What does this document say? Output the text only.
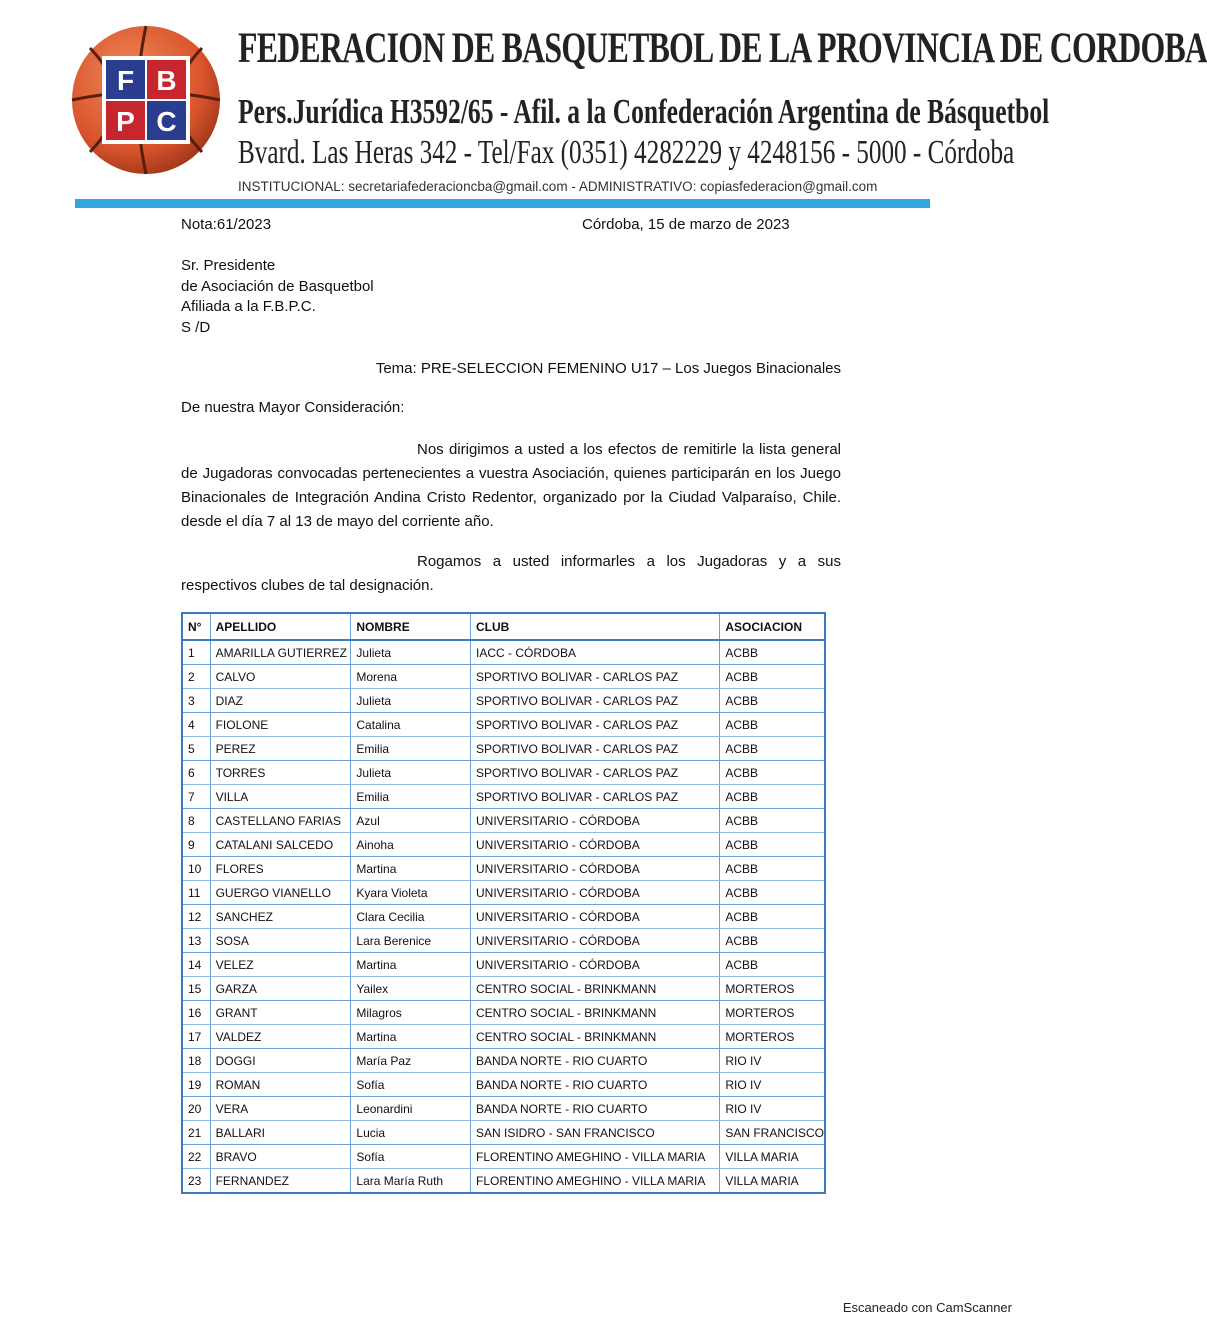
F B
P C
FEDERACION DE BASQUETBOL DE LA PROVINCIA DE CORDOBA
Pers.Jurídica H3592/65 - Afil. a la Confederación Argentina de Básquetbol
Bvard. Las Heras 342 - Tel/Fax (0351) 4282229 y 4248156 - 5000 - Córdoba
INSTITUCIONAL: secretariafederacioncba@gmail.com - ADMINISTRATIVO: copiasfederacion@gmail.com
Nota:61/2023	Córdoba, 15 de marzo de 2023
Sr. Presidente
de Asociación de Basquetbol
Afiliada a la F.B.P.C.
S /D
Tema: PRE-SELECCION FEMENINO U17 – Los Juegos Binacionales
De nuestra Mayor Consideración:
Nos dirigimos a usted a los efectos de remitirle la lista general de Jugadoras convocadas pertenecientes a vuestra Asociación, quienes participarán en los Juego Binacionales de Integración Andina Cristo Redentor, organizado por la Ciudad Valparaíso, Chile. desde el día 7 al 13 de mayo del corriente año.
Rogamos a usted informarles a los Jugadoras y a sus respectivos clubes de tal designación.
N°	APELLIDO	NOMBRE	CLUB	ASOCIACION
1	AMARILLA GUTIERREZ	Julieta	IACC - CÓRDOBA	ACBB
2	CALVO	Morena	SPORTIVO BOLIVAR - CARLOS PAZ	ACBB
3	DIAZ	Julieta	SPORTIVO BOLIVAR - CARLOS PAZ	ACBB
4	FIOLONE	Catalina	SPORTIVO BOLIVAR - CARLOS PAZ	ACBB
5	PEREZ	Emilia	SPORTIVO BOLIVAR - CARLOS PAZ	ACBB
6	TORRES	Julieta	SPORTIVO BOLIVAR - CARLOS PAZ	ACBB
7	VILLA	Emilia	SPORTIVO BOLIVAR - CARLOS PAZ	ACBB
8	CASTELLANO FARIAS	Azul	UNIVERSITARIO - CÓRDOBA	ACBB
9	CATALANI SALCEDO	Ainoha	UNIVERSITARIO - CÓRDOBA	ACBB
10	FLORES	Martina	UNIVERSITARIO - CÓRDOBA	ACBB
11	GUERGO VIANELLO	Kyara Violeta	UNIVERSITARIO - CÓRDOBA	ACBB
12	SANCHEZ	Clara Cecilia	UNIVERSITARIO - CÓRDOBA	ACBB
13	SOSA	Lara Berenice	UNIVERSITARIO - CÓRDOBA	ACBB
14	VELEZ	Martina	UNIVERSITARIO - CÓRDOBA	ACBB
15	GARZA	Yailex	CENTRO SOCIAL - BRINKMANN	MORTEROS
16	GRANT	Milagros	CENTRO SOCIAL - BRINKMANN	MORTEROS
17	VALDEZ	Martina	CENTRO SOCIAL - BRINKMANN	MORTEROS
18	DOGGI	María Paz	BANDA NORTE - RIO CUARTO	RIO IV
19	ROMAN	Sofía	BANDA NORTE - RIO CUARTO	RIO IV
20	VERA	Leonardini	BANDA NORTE - RIO CUARTO	RIO IV
21	BALLARI	Lucia	SAN ISIDRO - SAN FRANCISCO	SAN FRANCISCO
22	BRAVO	Sofía	FLORENTINO AMEGHINO - VILLA MARIA	VILLA MARIA
23	FERNANDEZ	Lara María Ruth	FLORENTINO AMEGHINO - VILLA MARIA	VILLA MARIA
Escaneado con CamScanner
